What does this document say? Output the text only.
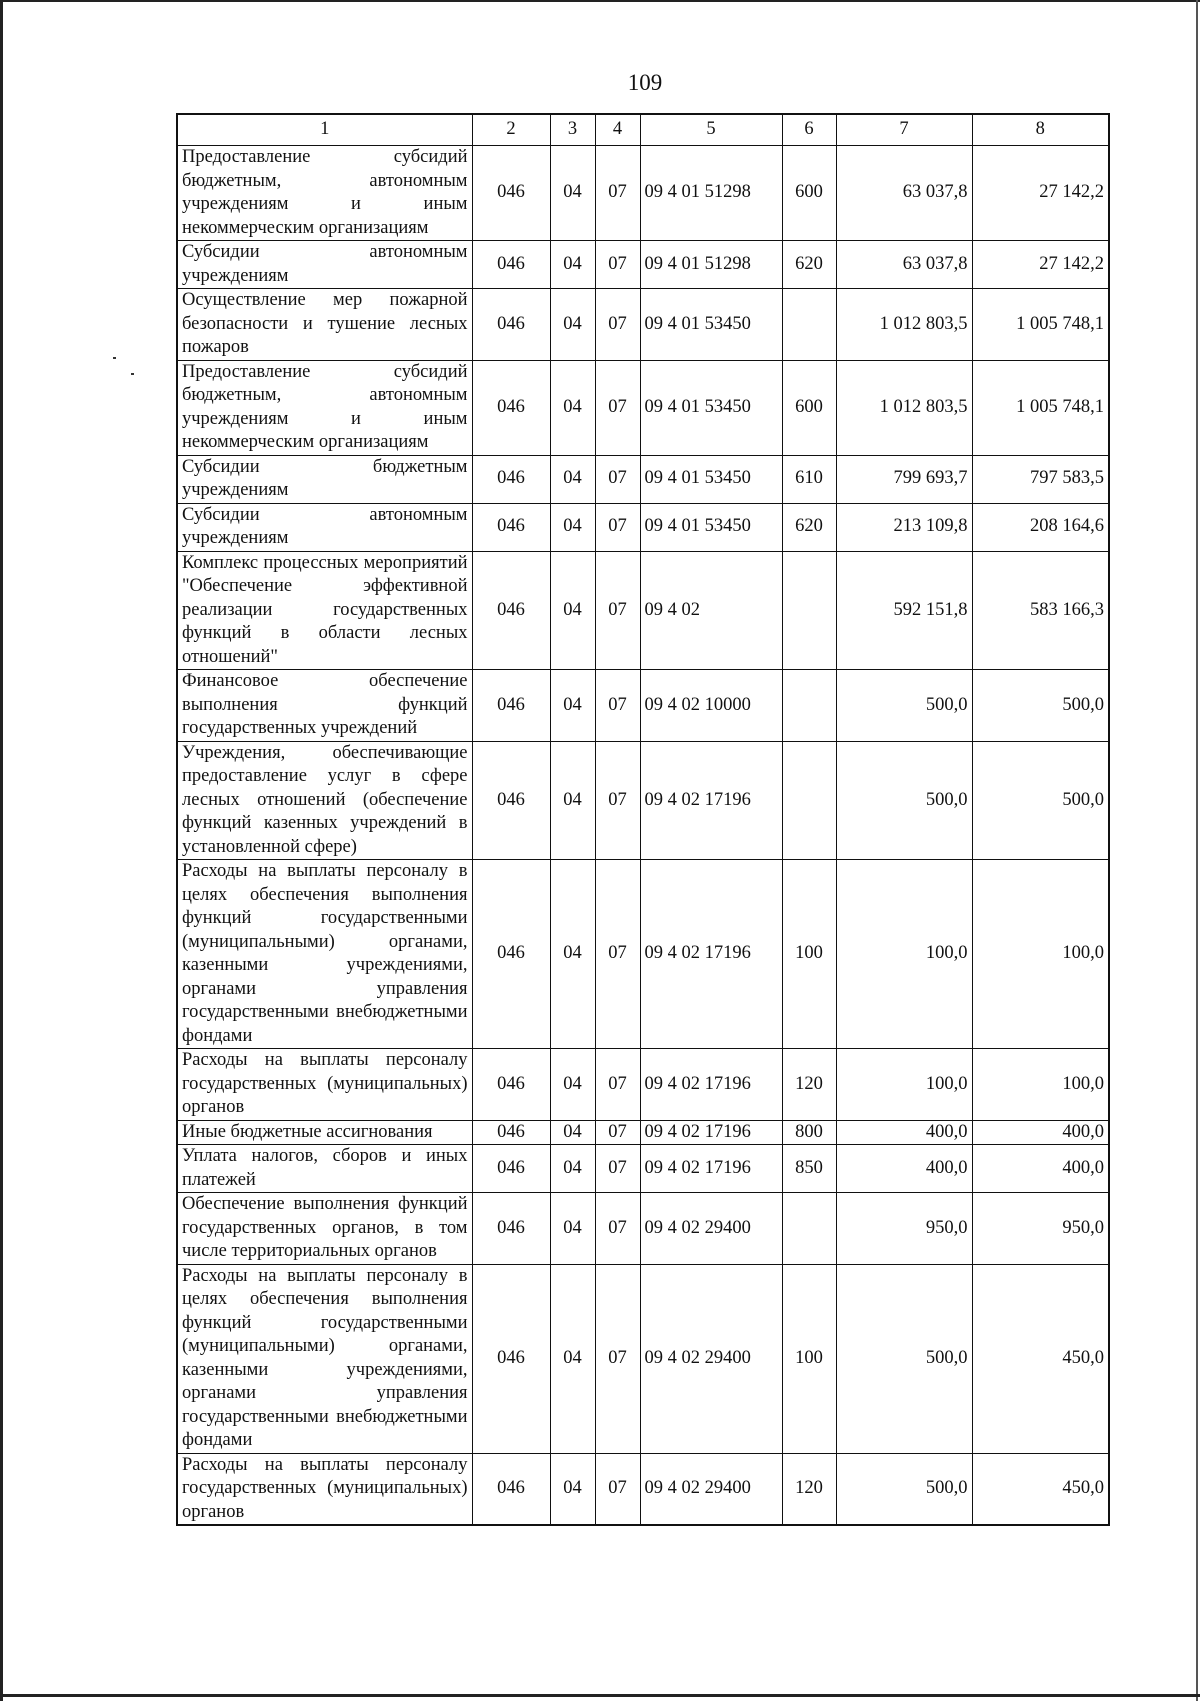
109
1	2	3	4	5	6	7	8
Предоставление субсидий бюджетным, автономным учреждениям и иным некоммерческим организациям	046	04	07	09 4 01 51298	600	63 037,8	27 142,2
Субсидии автономным учреждениям	046	04	07	09 4 01 51298	620	63 037,8	27 142,2
Осуществление мер пожарной безопасности и тушение лесных пожаров	046	04	07	09 4 01 53450		1 012 803,5	1 005 748,1
Предоставление субсидий бюджетным, автономным учреждениям и иным некоммерческим организациям	046	04	07	09 4 01 53450	600	1 012 803,5	1 005 748,1
Субсидии бюджетным учреждениям	046	04	07	09 4 01 53450	610	799 693,7	797 583,5
Субсидии автономным учреждениям	046	04	07	09 4 01 53450	620	213 109,8	208 164,6
Комплекс процессных мероприятий "Обеспечение эффективной реализации государственных функций в области лесных отношений"	046	04	07	09 4 02		592 151,8	583 166,3
Финансовое обеспечение выполнения функций государственных учреждений	046	04	07	09 4 02 10000		500,0	500,0
Учреждения, обеспечивающие предоставление услуг в сфере лесных отношений (обеспечение функций казенных учреждений в установленной сфере)	046	04	07	09 4 02 17196		500,0	500,0
Расходы на выплаты персоналу в целях обеспечения выполнения функций государственными (муниципальными) органами, казенными учреждениями, органами управления государственными внебюджетными фондами	046	04	07	09 4 02 17196	100	100,0	100,0
Расходы на выплаты персоналу государственных (муниципальных) органов	046	04	07	09 4 02 17196	120	100,0	100,0
Иные бюджетные ассигнования	046	04	07	09 4 02 17196	800	400,0	400,0
Уплата налогов, сборов и иных платежей	046	04	07	09 4 02 17196	850	400,0	400,0
Обеспечение выполнения функций государственных органов, в том числе территориальных органов	046	04	07	09 4 02 29400		950,0	950,0
Расходы на выплаты персоналу в целях обеспечения выполнения функций государственными (муниципальными) органами, казенными учреждениями, органами управления государственными внебюджетными фондами	046	04	07	09 4 02 29400	100	500,0	450,0
Расходы на выплаты персоналу государственных (муниципальных) органов	046	04	07	09 4 02 29400	120	500,0	450,0
